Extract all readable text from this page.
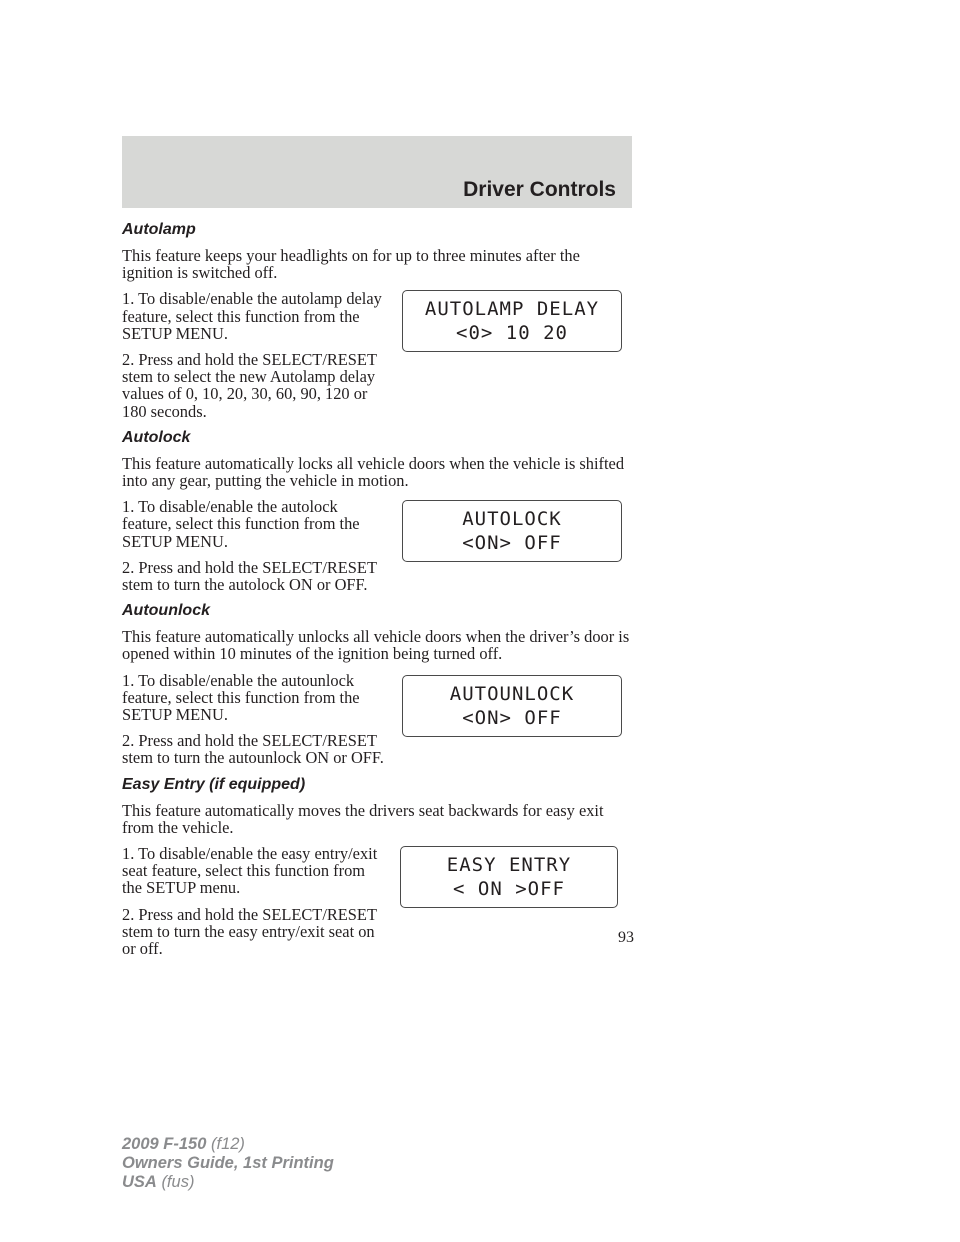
Driver Controls
Autolamp

This feature keeps your headlights on for up to three minutes after the ignition is switched off.

1. To disable/enable the autolamp delay feature, select this function from the SETUP MENU.

2. Press and hold the SELECT/RESET stem to select the new Autolamp delay values of 0, 10, 20, 30, 60, 90, 120 or 180 seconds.

AUTOLAMP DELAY
<0> 10 20
Autolock

This feature automatically locks all vehicle doors when the vehicle is shifted into any gear, putting the vehicle in motion.

1. To disable/enable the autolock feature, select this function from the SETUP MENU.

2. Press and hold the SELECT/RESET stem to turn the autolock ON or OFF.

AUTOLOCK
<ON> OFF
Autounlock

This feature automatically unlocks all vehicle doors when the driver’s door is opened within 10 minutes of the ignition being turned off.

1. To disable/enable the autounlock feature, select this function from the SETUP MENU.

2. Press and hold the SELECT/RESET stem to turn the autounlock ON or OFF.

AUTOUNLOCK
<ON> OFF
Easy Entry (if equipped)

This feature automatically moves the drivers seat backwards for easy exit from the vehicle.

1. To disable/enable the easy entry/exit seat feature, select this function from the SETUP menu.

2. Press and hold the SELECT/RESET stem to turn the easy entry/exit seat on or off.

EASY ENTRY
< ON >OFF
93
2009 F-150 (f12)
Owners Guide, 1st Printing
USA (fus)
